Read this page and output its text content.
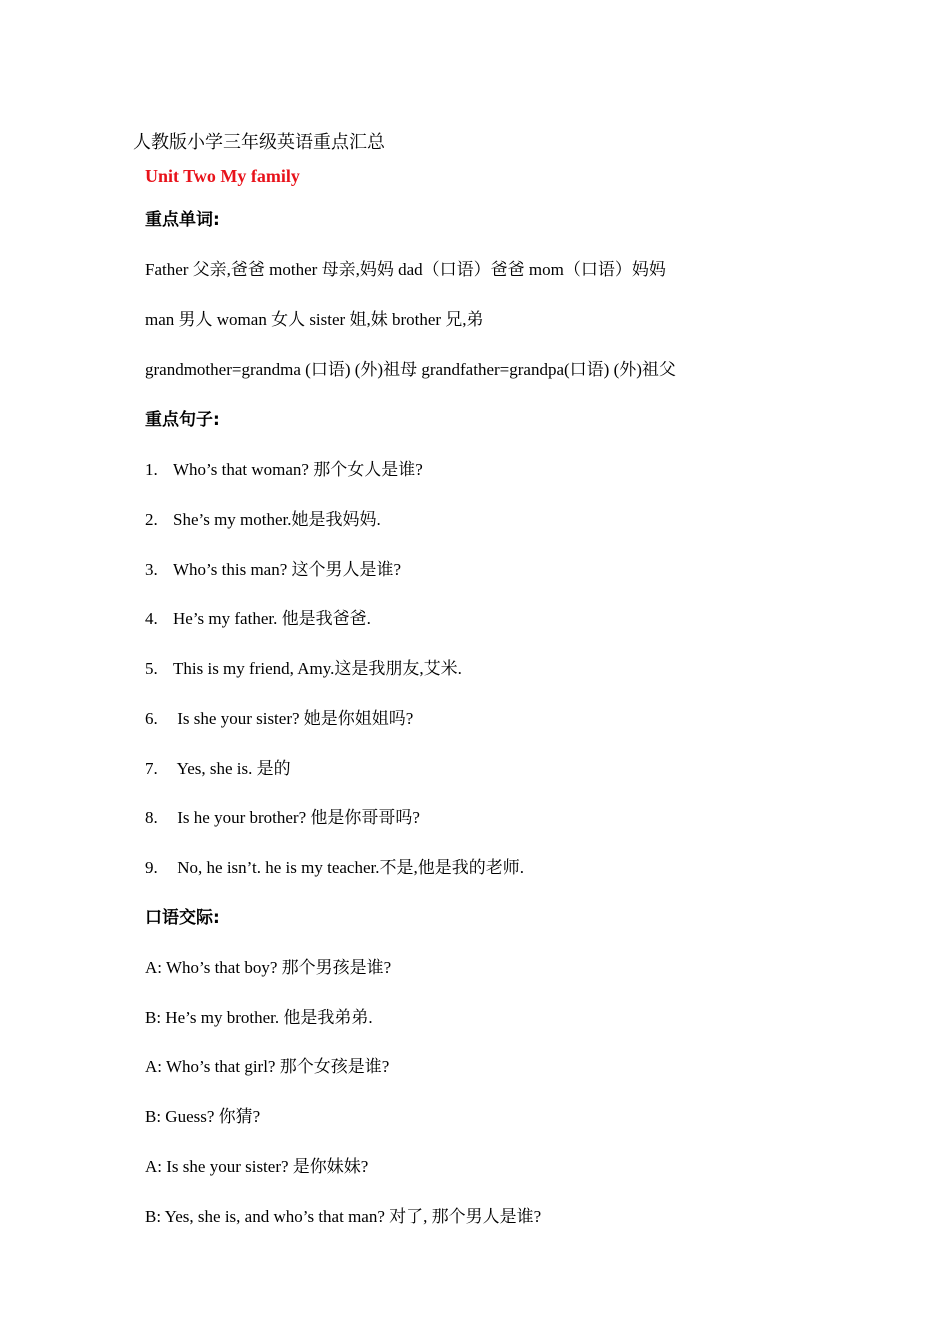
人教版小学三年级英语重点汇总
Unit Two My family
重点单词:
Father 父亲,爸爸 mother 母亲,妈妈 dad（口语）爸爸 mom（口语）妈妈
man 男人 woman 女人 sister 姐,妹 brother 兄,弟
grandmother=grandma (口语) (外)祖母 grandfather=grandpa(口语) (外)祖父
重点句子:
1. Who’s that woman? 那个女人是谁?
2. She’s my mother.她是我妈妈.
3. Who’s this man? 这个男人是谁?
4. He’s my father. 他是我爸爸.
5. This is my friend, Amy.这是我朋友,艾米.
6. Is she your sister? 她是你姐姐吗?
7. Yes, she is. 是的
8. Is he your brother? 他是你哥哥吗?
9. No, he isn’t. he is my teacher.不是,他是我的老师.
口语交际:
A: Who’s that boy? 那个男孩是谁?
B: He’s my brother. 他是我弟弟.
A: Who’s that girl? 那个女孩是谁?
B: Guess? 你猜?
A: Is she your sister? 是你妹妹?
B: Yes, she is, and who’s that man? 对了, 那个男人是谁?
